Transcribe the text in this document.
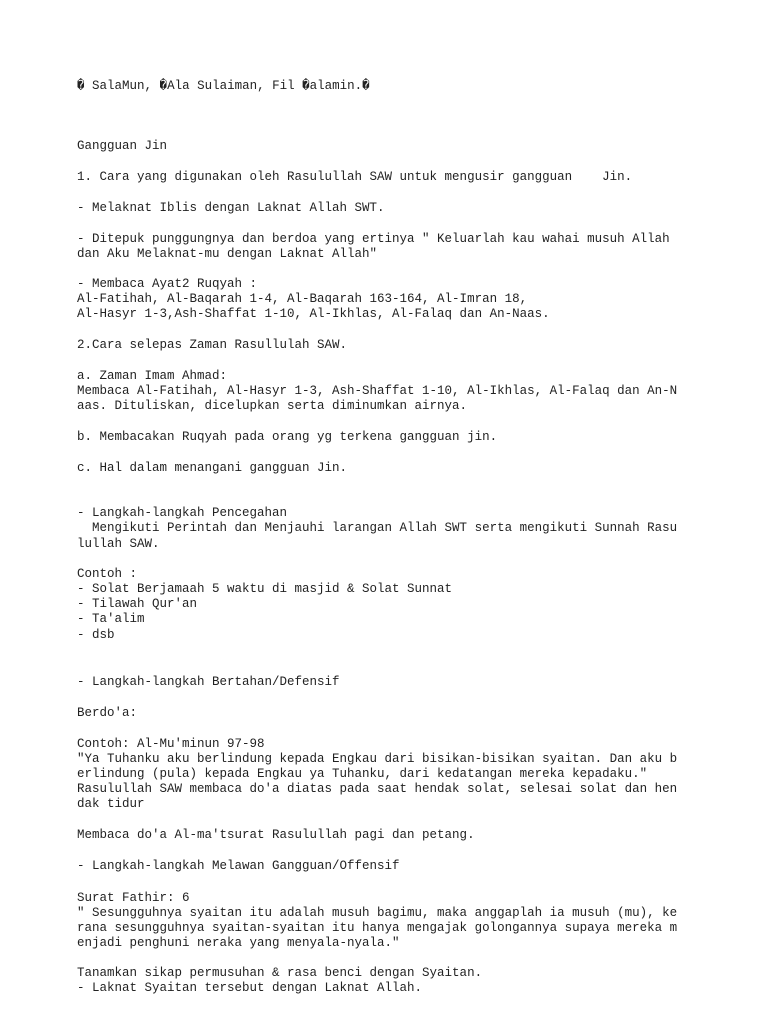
� SalaMun, �Ala Sulaiman, Fil �alamin.�

Gangguan Jin

1. Cara yang digunakan oleh Rasulullah SAW untuk mengusir gangguan    Jin.

- Melaknat Iblis dengan Laknat Allah SWT.

- Ditepuk punggungnya dan berdoa yang ertinya " Keluarlah kau wahai musuh Allah

dan Aku Melaknat-mu dengan Laknat Allah"

- Membaca Ayat2 Ruqyah :

Al-Fatihah, Al-Baqarah 1-4, Al-Baqarah 163-164, Al-Imran 18,

Al-Hasyr 1-3,Ash-Shaffat 1-10, Al-Ikhlas, Al-Falaq dan An-Naas.

2.Cara selepas Zaman Rasullulah SAW.

a. Zaman Imam Ahmad:

Membaca Al-Fatihah, Al-Hasyr 1-3, Ash-Shaffat 1-10, Al-Ikhlas, Al-Falaq dan An-N

aas. Dituliskan, dicelupkan serta diminumkan airnya.

b. Membacakan Ruqyah pada orang yg terkena gangguan jin.

c. Hal dalam menangani gangguan Jin.

- Langkah-langkah Pencegahan

Mengikuti Perintah dan Menjauhi larangan Allah SWT serta mengikuti Sunnah Rasu

lullah SAW.

Contoh :

- Solat Berjamaah 5 waktu di masjid & Solat Sunnat

- Tilawah Qur'an

- Ta'alim

- dsb

- Langkah-langkah Bertahan/Defensif

Berdo'a:

Contoh: Al-Mu'minun 97-98

"Ya Tuhanku aku berlindung kepada Engkau dari bisikan-bisikan syaitan. Dan aku b

erlindung (pula) kepada Engkau ya Tuhanku, dari kedatangan mereka kepadaku."

Rasulullah SAW membaca do'a diatas pada saat hendak solat, selesai solat dan hen

dak tidur

Membaca do'a Al-ma'tsurat Rasulullah pagi dan petang.

- Langkah-langkah Melawan Gangguan/Offensif

Surat Fathir: 6

" Sesungguhnya syaitan itu adalah musuh bagimu, maka anggaplah ia musuh (mu), ke

rana sesungguhnya syaitan-syaitan itu hanya mengajak golongannya supaya mereka m

enjadi penghuni neraka yang menyala-nyala."

Tanamkan sikap permusuhan & rasa benci dengan Syaitan.

- Laknat Syaitan tersebut dengan Laknat Allah.
